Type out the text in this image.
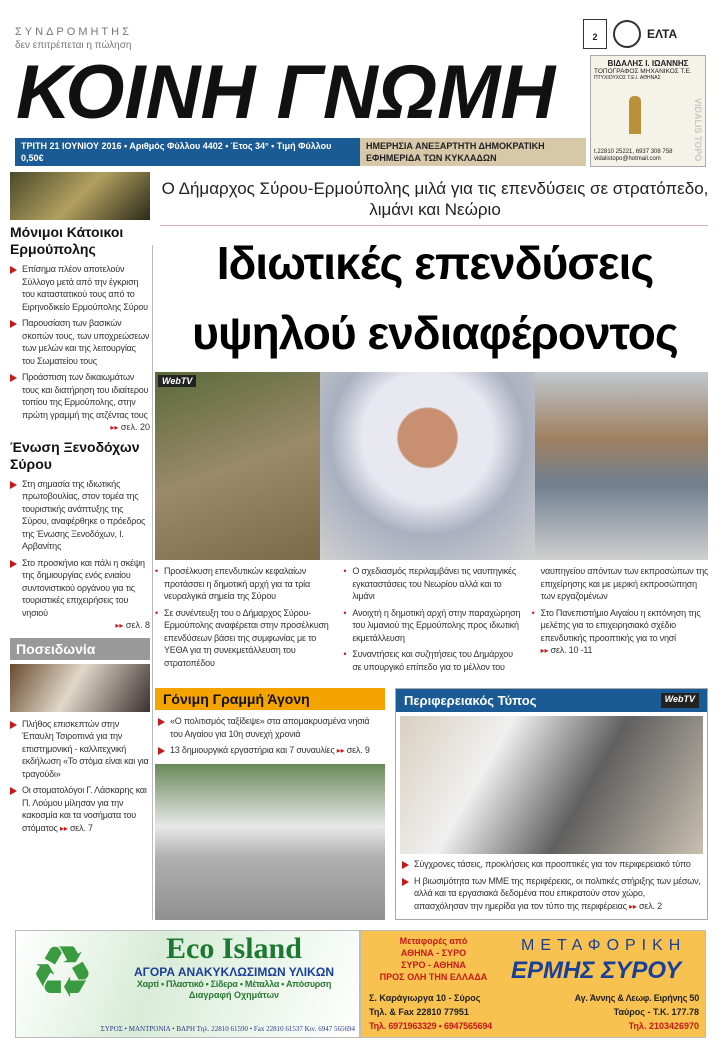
ΣΥΝΔΡΟΜΗΤΗΣ
δεν επιτρέπεται η πώληση
ΚΟΙΝΗ ΓΝΩΜΗ
ΤΡΙΤΗ 21 ΙΟΥΝΙΟΥ 2016 • Αριθμός Φύλλου 4402 • Έτος 34° • Τιμή Φύλλου 0,50€
ΗΜΕΡΗΣΙΑ ΑΝΕΞΑΡΤΗΤΗ ΔΗΜΟΚΡΑΤΙΚΗ ΕΦΗΜΕΡΙΔΑ ΤΩΝ ΚΥΚΛΑΔΩΝ

2	ΕΛΤΑ
ΒΙΔΑΛΗΣ Ι. ΙΩΑΝΝΗΣ
ΤΟΠΟΓΡΑΦΟΣ ΜΗΧΑΝΙΚΟΣ Τ.Ε.
ΠΤΥΧΙΟΥΧΟΣ Τ.Ε.Ι. ΑΘΗΝΑΣ
VIDALIS TOPO
t.22810 25221, 6937 308 758
vidalistopo@hotmail.com
Μόνιμοι Κάτοικοι Ερμούπολης
Επίσημα πλέον αποτελούν Σύλλογο μετά από την έγκριση του καταστατικού τους από το Ειρηνοδικείο Ερμούπολης Σύρου
Παρουσίαση των βασικών σκοπών τους, των υποχρεώσεων των μελών και της λειτουργίας του Σωματείου τους
Προάσπιση των δικαιωμάτων τους και διατήρηση του ιδιαίτερου τοπίου της Ερμούπολης, στην πρώτη γραμμή της ατζέντας τους
▸▸ σελ. 20
Ένωση Ξενοδόχων Σύρου
Στη σημασία της ιδιωτικής πρωτοβουλίας, στον τομέα της τουριστικής ανάπτυξης της Σύρου, αναφέρθηκε ο πρόεδρος της Ένωσης Ξενοδόχων, Ι. Αρβανίτης
Στο προσκήνιο και πάλι η σκέψη της δημιουργίας ενός ενιαίου συντονιστικού οργάνου για τις τουριστικές επιχειρήσεις του νησιού
▸▸ σελ. 8
Ποσειδωνία
Πλήθος επισκεπτών στην Έπαυλη Τσιροπινά για την επιστημονική - καλλιτεχνική εκδήλωση «Το στόμα είναι και για τραγούδι»
Οι στοματολόγοι Γ. Λάσκαρης και Π. Λούμου μίλησαν για την κακοσμία και τα νοσήματα του στόματος ▸▸ σελ. 7
Ο Δήμαρχος Σύρου-Ερμούπολης μιλά για τις επενδύσεις σε στρατόπεδο, λιμάνι και Νεώριο
Ιδιωτικές επενδύσεις
υψηλού ενδιαφέροντος
WebTV
• Προσέλκυση επενδυτικών κεφαλαίων προτάσσει η δημοτική αρχή για τα τρία νευραλγικά σημεία της Σύρου
• Σε συνέντευξη του ο Δήμαρχος Σύρου-Ερμούπολης αναφέρεται στην προσέλκυση επενδύσεων βάσει της συμφωνίας με το ΥΕΘΑ για τη συνεκμετάλλευση του στρατοπέδου
• Ο σχεδιασμός περιλαμβάνει τις ναυπηγικές εγκαταστάσεις του Νεωρίου αλλά και το λιμάνι
• Ανοιχτή η δημοτική αρχή στην παραχώρηση του λιμανιού της Ερμούπολης προς ιδιωτική εκμετάλλευση
• Συναντήσεις και συζητήσεις του Δημάρχου σε υπουργικό επίπεδο για το μέλλον του ναυπηγείου απόντων των εκπροσώπων της επιχείρησης και με μερική εκπροσώπηση των εργαζομένων
• Στο Πανεπιστήμιο Αιγαίου η εκπόνηση της μελέτης για το επιχειρησιακό σχέδιο επενδυτικής προοπτικής για το νησί ▸▸ σελ. 10 -11
Γόνιμη Γραμμή Άγονη
«Ο πολιτισμός ταξίδεψε» στα απομακρυσμένα νησιά του Αιγαίου για 10η συνεχή χρονιά
13 δημιουργικά εργαστήρια και 7 συναυλίες ▸▸ σελ. 9
Περιφερειακός Τύπος	WebTV
Σύγχρονες τάσεις, προκλήσεις και προοπτικές για τον περιφερειακό τύπο
Η βιωσιμότητα των ΜΜΕ της περιφέρειας, οι πολιτικές στήριξης των μέσων, αλλά και τα εργασιακά δεδομένα που επικρατούν στον χώρο, απασχόλησαν την ημερίδα για τον τύπο της περιφέρειας ▸▸ σελ. 2
♻	Eco Island
ΑΓΟΡΑ ΑΝΑΚΥΚΛΩΣΙΜΩΝ ΥΛΙΚΩΝ
Χαρτί • Πλαστικό • Σίδερα • Μέταλλα • Απόσυρση
Διαγραφή Οχημάτων
ΣΥΡΟΣ • ΜΑΝΤΡΟΝΙΑ • ΒΑΡΗ Τηλ. 22810 61590 • Fax 22810 61537 Κιν. 6947 565694
Μεταφορές από
ΑΘΗΝΑ - ΣΥΡΟ
ΣΥΡΟ - ΑΘΗΝΑ
ΠΡΟΣ ΟΛΗ ΤΗΝ ΕΛΛΑΔΑ
ΜΕΤΑΦΟΡΙΚΗ
ΕΡΜΗΣ ΣΥΡΟΥ
Σ. Καράγιωργα 10 - Σύρος
Τηλ. & Fax 22810 77951
Τηλ. 6971963329 • 6947565694
Αγ. Άννης & Λεωφ. Ειρήνης 50
Ταύρος - Τ.Κ. 177.78
Τηλ. 2103426970
